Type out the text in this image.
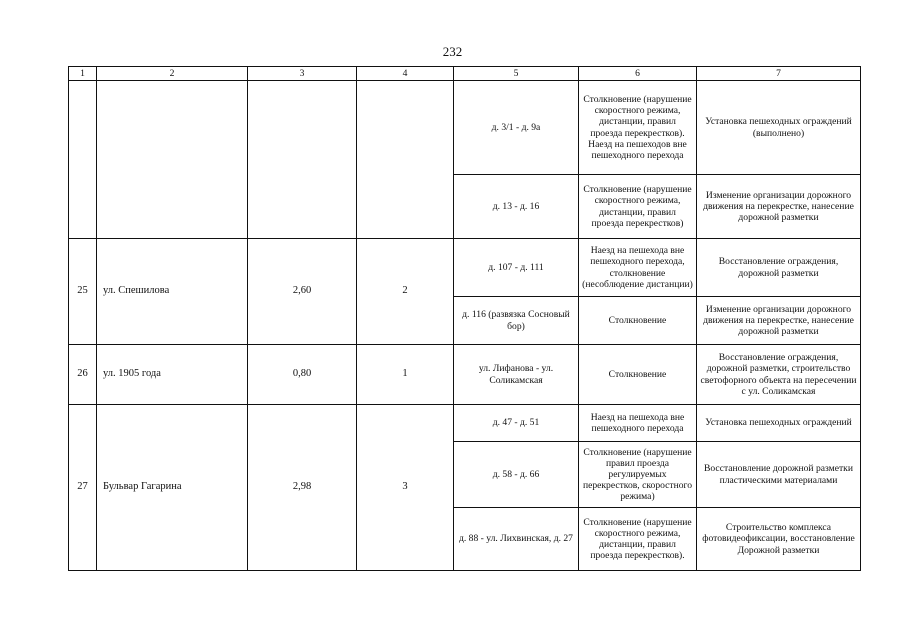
232
1	2	3	4	5	6	7
				д. 3/1 - д. 9а	Столкновение (нарушение скоростного режима, дистанции, правил проезда перекрестков). Наезд на пешеходов вне пешеходного перехода	Установка пешеходных ограждений (выполнено)
				д. 13 - д. 16	Столкновение (нарушение скоростного режима, дистанции, правил проезда перекрестков)	Изменение организации дорожного движения на перекрестке, нанесение дорожной разметки
25	ул. Спешилова	2,60	2	д. 107 - д. 111	Наезд на пешехода вне пешеходного перехода, столкновение (несоблюдение дистанции)	Восстановление ограждения, дорожной разметки
				д. 116 (развязка Сосновый бор)	Столкновение	Изменение организации дорожного движения на перекрестке, нанесение дорожной разметки
26	ул. 1905 года	0,80	1	ул. Лифанова - ул. Соликамская	Столкновение	Восстановление ограждения, дорожной разметки, строительство светофорного объекта на пересечении с ул. Соликамская
27	Бульвар Гагарина	2,98	3	д. 47 - д. 51	Наезд на пешехода вне пешеходного перехода	Установка пешеходных ограждений
				д. 58 - д. 66	Столкновение (нарушение правил проезда регулируемых перекрестков, скоростного режима)	Восстановление дорожной разметки пластическими материалами
				д. 88 - ул. Лихвинская, д. 27	Столкновение (нарушение скоростного режима, дистанции, правил проезда перекрестков).	Строительство комплекса фотовидеофиксации, восстановление Дорожной разметки
